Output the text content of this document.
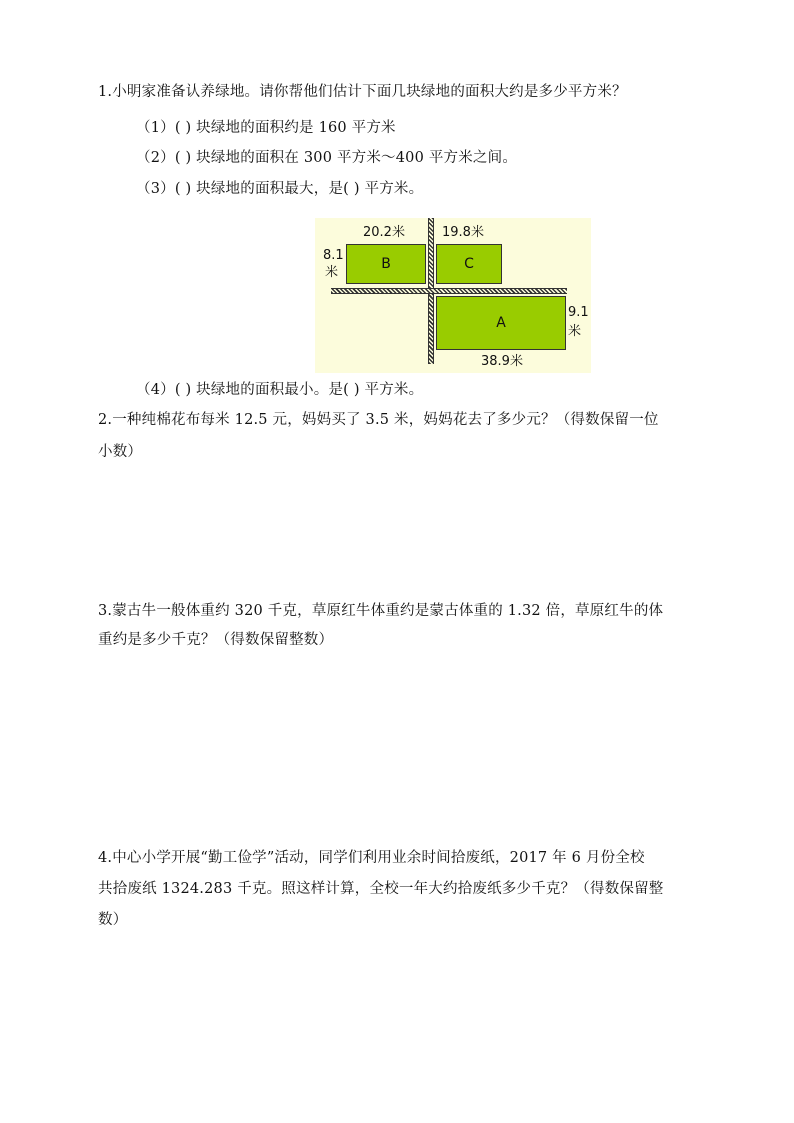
1.小明家准备认养绿地。请你帮他们估计下面几块绿地的面积大约是多少平方米？
（1）( ) 块绿地的面积约是 160 平方米
（2）( ) 块绿地的面积在 300 平方米～400 平方米之间。
（3）( ) 块绿地的面积最大，是( ) 平方米。
20.2米
8.1
米
B
19.8米
C
A
9.1
米
38.9米
（4）( ) 块绿地的面积最小。是( ) 平方米。
2.一种纯棉花布每米 12.5 元，妈妈买了 3.5 米，妈妈花去了多少元？（得数保留一位
小数）
3.蒙古牛一般体重约 320 千克，草原红牛体重约是蒙古体重的 1.32 倍，草原红牛的体
重约是多少千克？（得数保留整数）
4.中心小学开展“勤工俭学”活动，同学们利用业余时间拾废纸，2017 年 6 月份全校
共拾废纸 1324.283 千克。照这样计算，全校一年大约拾废纸多少千克？（得数保留整
数）
